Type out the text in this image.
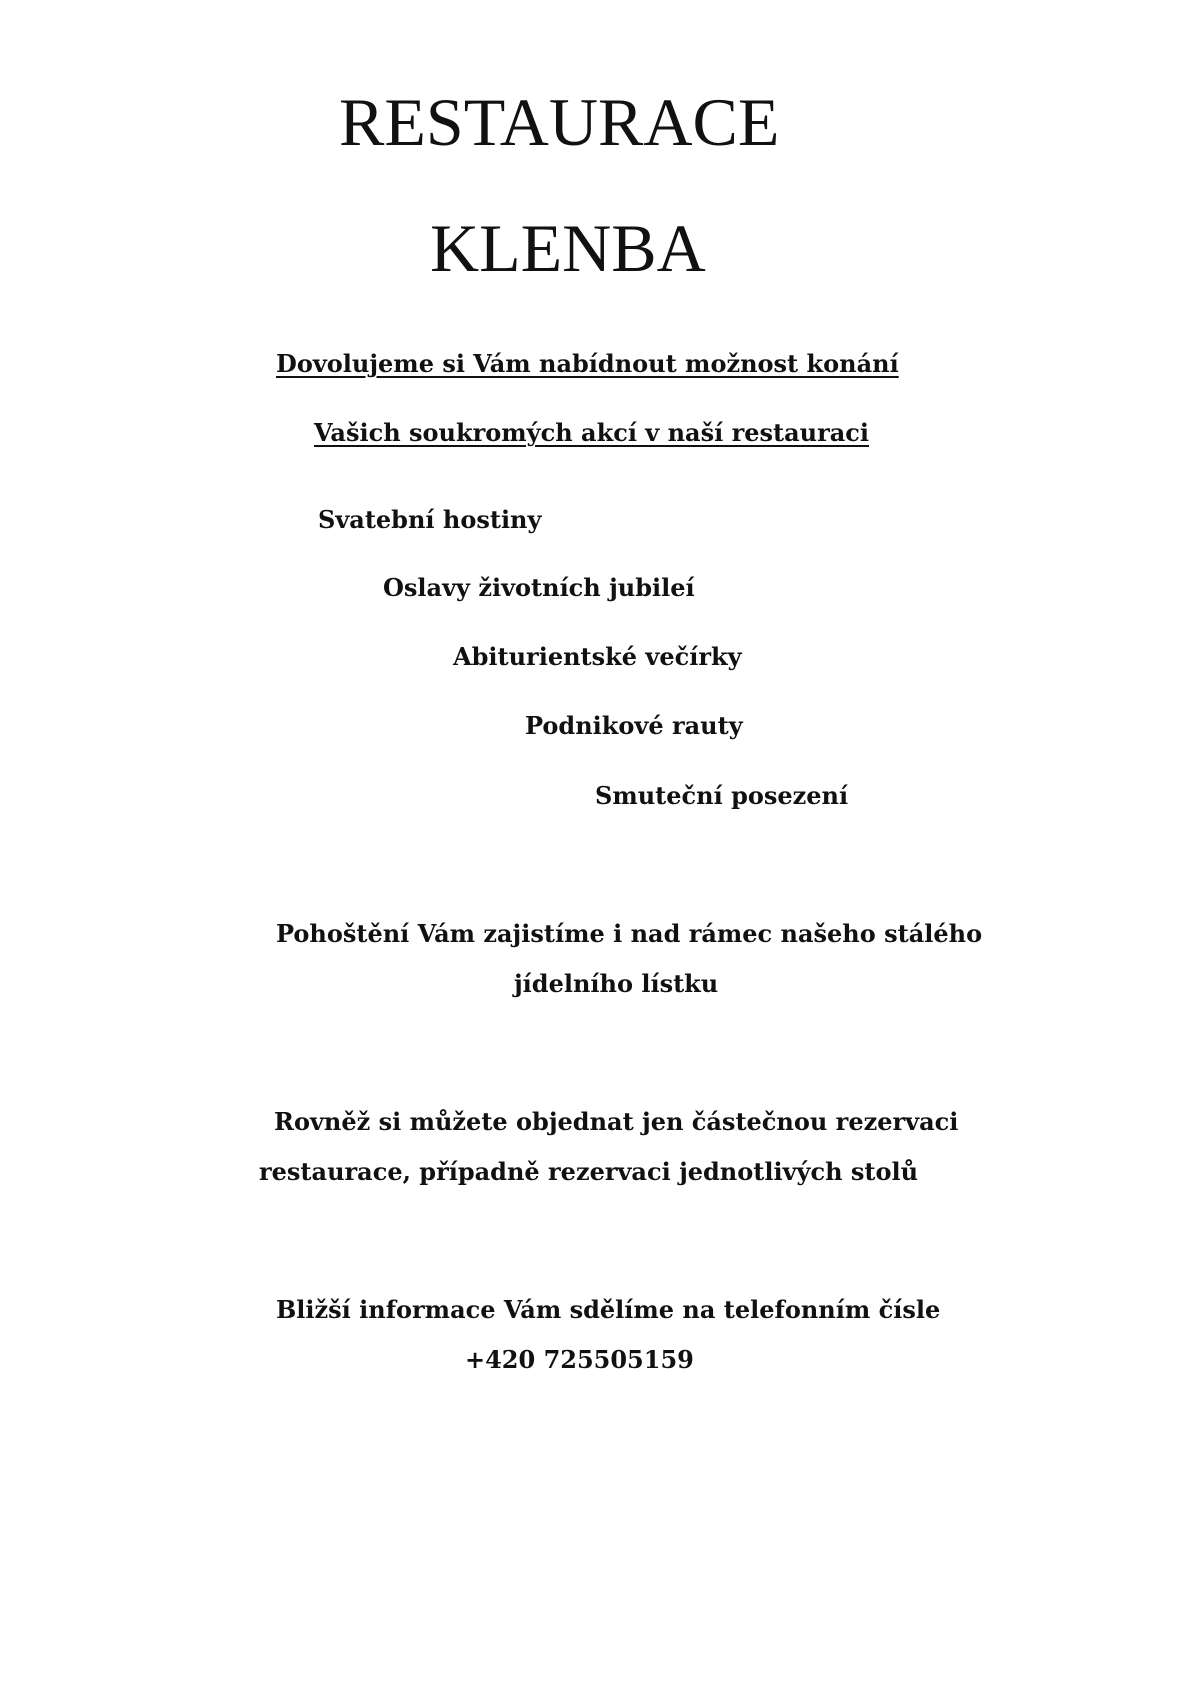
RESTAURACE
KLENBA
Dovolujeme si Vám nabídnout možnost konání
Vašich soukromých akcí v naší restauraci
Svatební hostiny
Oslavy životních jubileí
Abiturientské večírky
Podnikové rauty
Smuteční posezení
Pohoštění Vám zajistíme i nad rámec našeho stálého
jídelního lístku
Rovněž si můžete objednat jen částečnou rezervaci
restaurace, případně rezervaci jednotlivých stolů
Bližší informace Vám sdělíme na telefonním čísle
+420 725505159
